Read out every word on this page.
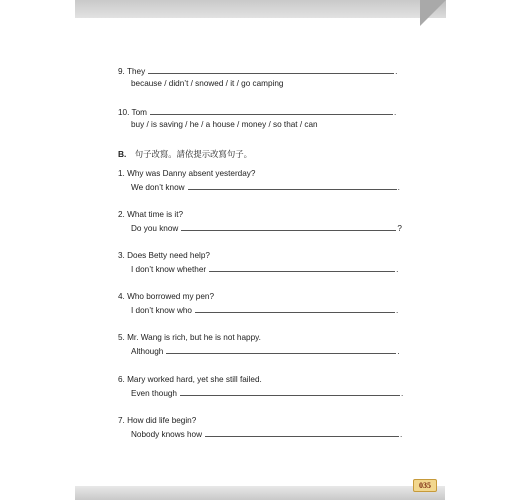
9. They	.
because / didn’t / snowed / it / go camping
10. Tom	.
buy / is saving / he / a house / money / so that / can
B. 句子改寫。請依提示改寫句子。
1. Why was Danny absent yesterday?
We don’t know	.
2. What time is it?
Do you know	?
3. Does Betty need help?
I don’t know whether	.
4. Who borrowed my pen?
I don’t know who	.
5. Mr. Wang is rich, but he is not happy.
Although	.
6. Mary worked hard, yet she still failed.
Even though	.
7. How did life begin?
Nobody knows how	.
035
